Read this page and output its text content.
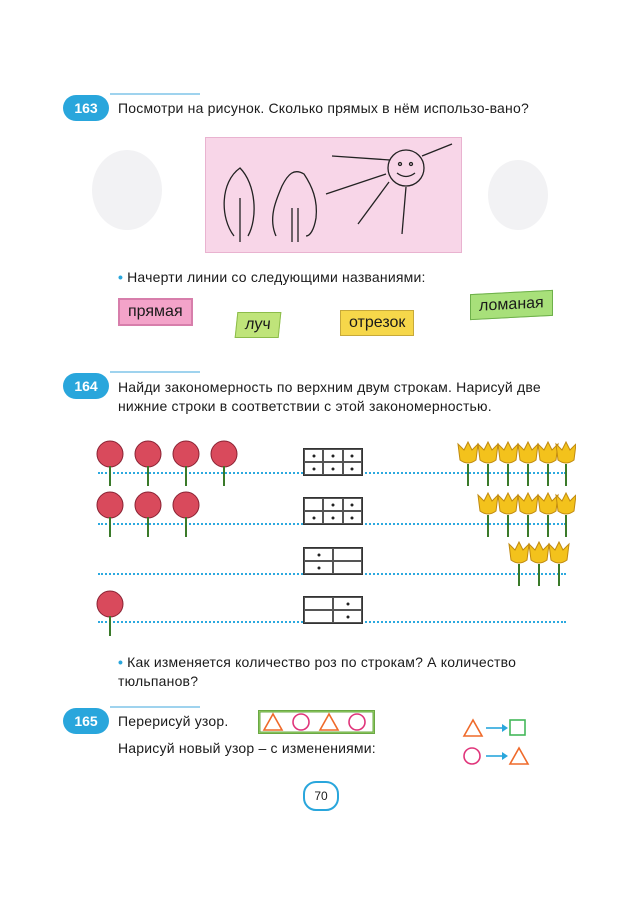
163	Посмотри на рисунок. Сколько прямых в нём использо-вано?
• Начерти линии со следующими названиями:
прямая
луч	отрезок
ломаная
164	Найди закономерность по верхним двум строкам. Нарисуй две нижние строки в соответствии с этой закономерностью.
• Как изменяется количество роз по строкам? А количество тюльпанов?
165	Перерисуй узор.
Нарисуй новый узор – с изменениями:
70
